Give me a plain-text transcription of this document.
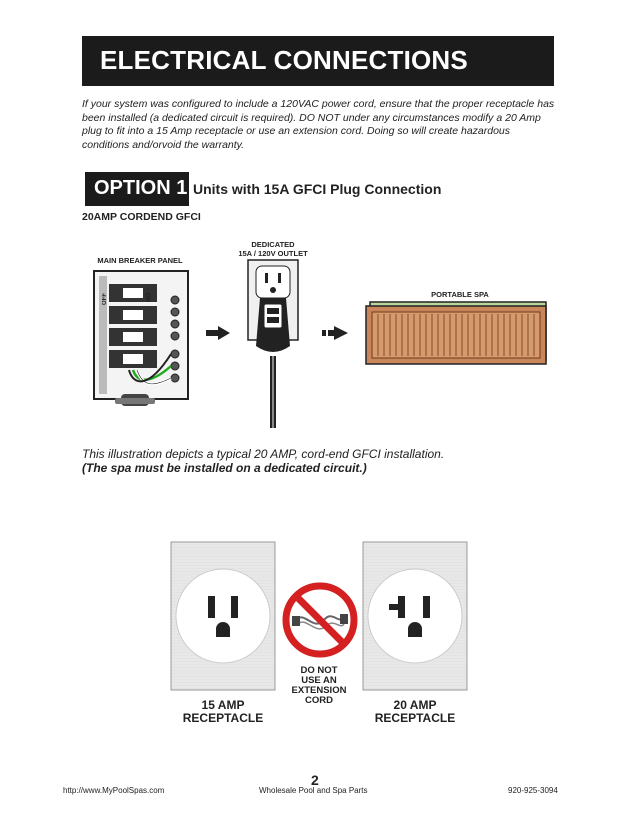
ELECTRICAL CONNECTIONS
If your system was configured to include a 120VAC power cord, ensure that the proper receptacle has been installed (a dedicated circuit is required). DO NOT under any circumstances modify a 20 Amp plug to fit into a 15 Amp receptacle or use an extension cord. Doing so will create hazardous conditions and/orvoid the warranty.
OPTION 1 Units with 15A GFCI Plug Connection
20AMP CORDEND GFCI
MAIN BREAKER PANEL
DEDICATED
15A / 120V OUTLET
PORTABLE SPA
OFF	ON
This illustration depicts a typical 20 AMP, cord-end GFCI installation.
(The spa must be installed on a dedicated circuit.)
DO NOT
USE AN
EXTENSION
CORD
15 AMP
RECEPTACLE
20 AMP
RECEPTACLE
2
http://www.MyPoolSpas.com	Wholesale Pool and Spa Parts	920-925-3094
